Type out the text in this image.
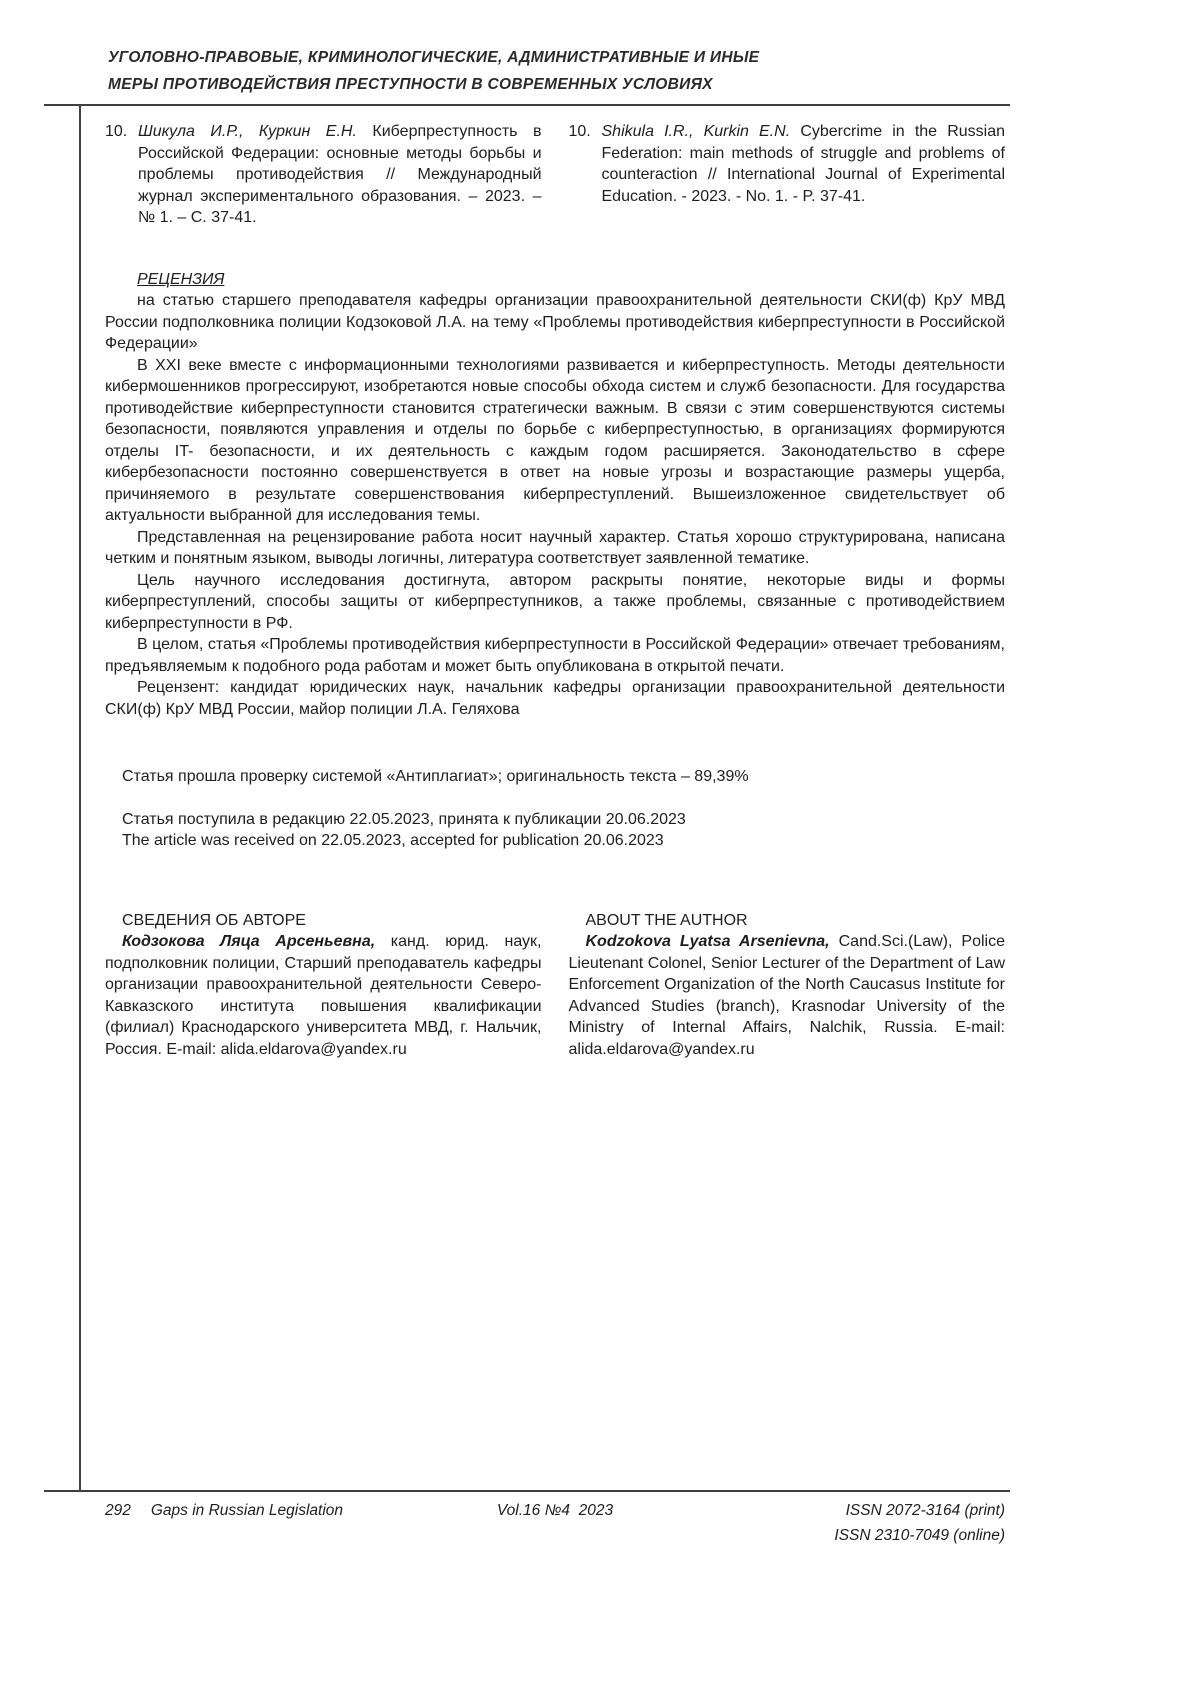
УГОЛОВНО-ПРАВОВЫЕ, КРИМИНОЛОГИЧЕСКИЕ, АДМИНИСТРАТИВНЫЕ И ИНЫЕ
МЕРЫ ПРОТИВОДЕЙСТВИЯ ПРЕСТУПНОСТИ В СОВРЕМЕННЫХ УСЛОВИЯХ
10. Шикула И.Р., Куркин Е.Н. Киберпреступность в Российской Федерации: основные методы борьбы и проблемы противодействия // Международный журнал экспериментального образования. – 2023. – № 1. – С. 37-41.

10. Shikula I.R., Kurkin E.N. Cybercrime in the Russian Federation: main methods of struggle and problems of counteraction // International Journal of Experimental Education. - 2023. - No. 1. - P. 37-41.

РЕЦЕНЗИЯ

на статью старшего преподавателя кафедры организации правоохранительной деятельности СКИ(ф) КрУ МВД России подполковника полиции Кодзоковой Л.А. на тему «Проблемы противодействия киберпреступности в Российской Федерации»

В XXI веке вместе с информационными технологиями развивается и киберпреступность. Методы деятельности кибермошенников прогрессируют, изобретаются новые способы обхода систем и служб безопасности. Для государства противодействие киберпреступности становится стратегически важным. В связи с этим совершенствуются системы безопасности, появляются управления и отделы по борьбе с киберпреступностью, в организациях формируются отделы IT- безопасности, и их деятельность с каждым годом расширяется. Законодательство в сфере кибербезопасности постоянно совершенствуется в ответ на новые угрозы и возрастающие размеры ущерба, причиняемого в результате совершенствования киберпреступлений. Вышеизложенное свидетельствует об актуальности выбранной для исследования темы.

Представленная на рецензирование работа носит научный характер. Статья хорошо структурирована, написана четким и понятным языком, выводы логичны, литература соответствует заявленной тематике.

Цель научного исследования достигнута, автором раскрыты понятие, некоторые виды и формы киберпреступлений, способы защиты от киберпреступников, а также проблемы, связанные с противодействием киберпреступности в РФ.

В целом, статья «Проблемы противодействия киберпреступности в Российской Федерации» отвечает требованиям, предъявляемым к подобного рода работам и может быть опубликована в открытой печати.

Рецензент: кандидат юридических наук, начальник кафедры организации правоохранительной деятельности СКИ(ф) КрУ МВД России, майор полиции Л.А. Геляхова

Статья прошла проверку системой «Антиплагиат»; оригинальность текста – 89,39%

Статья поступила в редакцию 22.05.2023, принята к публикации 20.06.2023

The article was received on 22.05.2023, accepted for publication 20.06.2023

СВЕДЕНИЯ ОБ АВТОРЕ

Кодзокова Ляца Арсеньевна, канд. юрид. наук, подполковник полиции, Старший преподаватель кафедры организации правоохранительной деятельности Северо-Кавказского института повышения квалификации (филиал) Краснодарского университета МВД, г. Нальчик, Россия. E-mail: alida.eldarova@yandex.ru

ABOUT THE AUTHOR

Kodzokova Lyatsa Arsenievna, Cand.Sci.(Law), Police Lieutenant Colonel, Senior Lecturer of the Department of Law Enforcement Organization of the North Caucasus Institute for Advanced Studies (branch), Krasnodar University of the Ministry of Internal Affairs, Nalchik, Russia. E-mail: alida.eldarova@yandex.ru

292 Gaps in Russian Legislation	Vol.16 №4  2023	ISSN 2072-3164 (print)
ISSN 2310-7049 (online)
